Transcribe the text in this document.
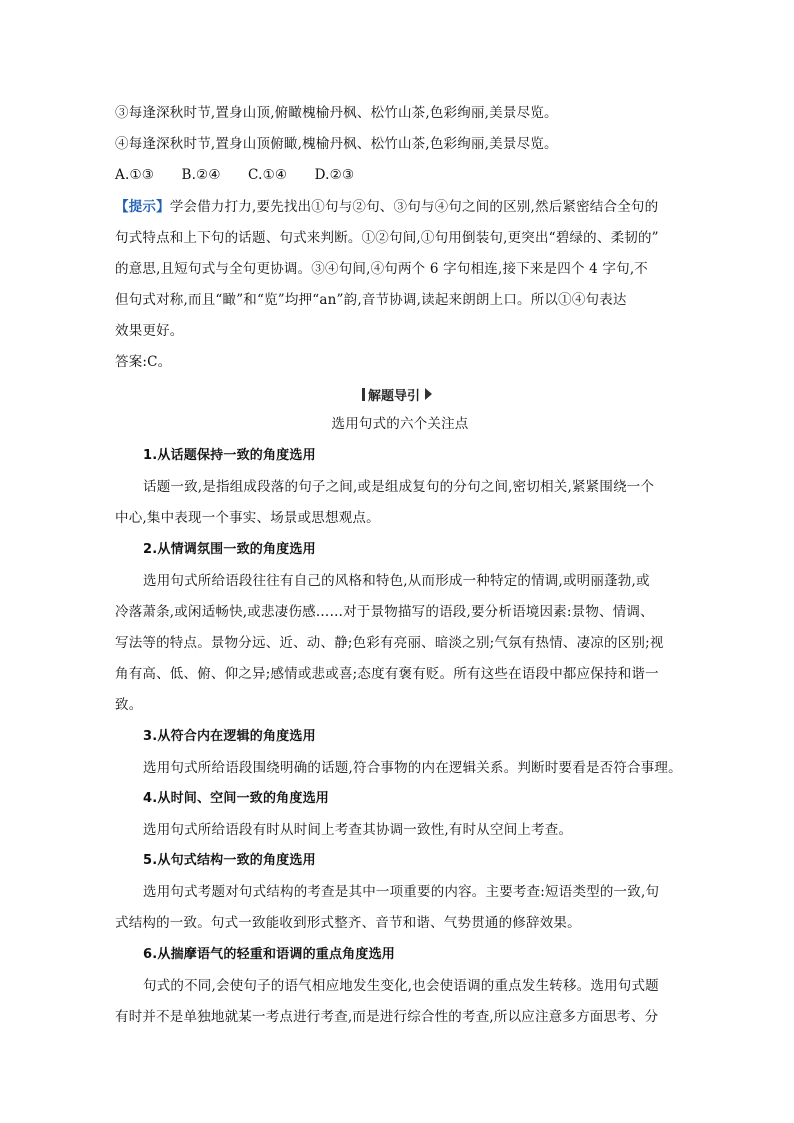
③每逢深秋时节,置身山顶,俯瞰槐榆丹枫、松竹山茶,色彩绚丽,美景尽览。
④每逢深秋时节,置身山顶俯瞰,槐榆丹枫、松竹山茶,色彩绚丽,美景尽览。
A.①③　　B.②④　　C.①④　　D.②③
【提示】学会借力打力,要先找出①句与②句、③句与④句之间的区别,然后紧密结合全句的
句式特点和上下句的话题、句式来判断。①②句间,①句用倒装句,更突出“碧绿的、柔韧的”
的意思,且短句式与全句更协调。③④句间,④句两个 6 字句相连,接下来是四个 4 字句,不
但句式对称,而且“瞰”和“览”均押“an”韵,音节协调,读起来朗朗上口。所以①④句表达
效果更好。
答案:C。
解题导引
选用句式的六个关注点
1.从话题保持一致的角度选用
话题一致,是指组成段落的句子之间,或是组成复句的分句之间,密切相关,紧紧围绕一个
中心,集中表现一个事实、场景或思想观点。
2.从情调氛围一致的角度选用
选用句式所给语段往往有自己的风格和特色,从而形成一种特定的情调,或明丽蓬勃,或
冷落萧条,或闲适畅快,或悲凄伤感……对于景物描写的语段,要分析语境因素:景物、情调、
写法等的特点。景物分远、近、动、静;色彩有亮丽、暗淡之别;气氛有热情、凄凉的区别;视
角有高、低、俯、仰之异;感情或悲或喜;态度有褒有贬。所有这些在语段中都应保持和谐一
致。
3.从符合内在逻辑的角度选用
选用句式所给语段围绕明确的话题,符合事物的内在逻辑关系。判断时要看是否符合事理。
4.从时间、空间一致的角度选用
选用句式所给语段有时从时间上考查其协调一致性,有时从空间上考查。
5.从句式结构一致的角度选用
选用句式考题对句式结构的考查是其中一项重要的内容。主要考查:短语类型的一致,句
式结构的一致。句式一致能收到形式整齐、音节和谐、气势贯通的修辞效果。
6.从揣摩语气的轻重和语调的重点角度选用
句式的不同,会使句子的语气相应地发生变化,也会使语调的重点发生转移。选用句式题
有时并不是单独地就某一考点进行考查,而是进行综合性的考查,所以应注意多方面思考、分
